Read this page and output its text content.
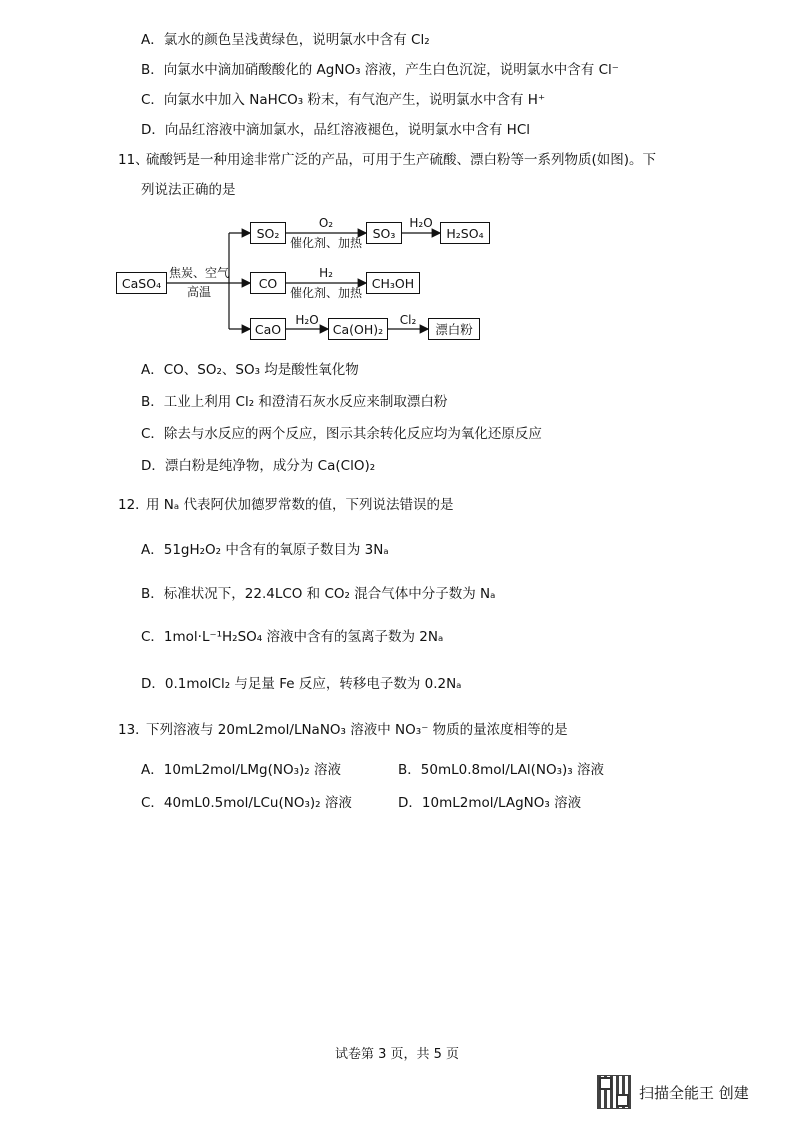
A．氯水的颜色呈浅黄绿色，说明氯水中含有 Cl₂
B．向氯水中滴加硝酸酸化的 AgNO₃ 溶液，产生白色沉淀，说明氯水中含有 Cl⁻
C．向氯水中加入 NaHCO₃ 粉末，有气泡产生，说明氯水中含有 H⁺
D．向品红溶液中滴加氯水，品红溶液褪色，说明氯水中含有 HCl
11、
硫酸钙是一种用途非常广泛的产品，可用于生产硫酸、漂白粉等一系列物质(如图)。下
列说法正确的是
CaSO₄
焦炭、空气
高温
SO₂
O₂
催化剂、加热
SO₃
H₂O
H₂SO₄
CO
H₂
催化剂、加热
CH₃OH
CaO
H₂O
Ca(OH)₂
Cl₂
漂白粉
A．CO、SO₂、SO₃ 均是酸性氧化物
B．工业上利用 Cl₂ 和澄清石灰水反应来制取漂白粉
C．除去与水反应的两个反应，图示其余转化反应均为氧化还原反应
D．漂白粉是纯净物，成分为 Ca(ClO)₂
12．
用 Nₐ 代表阿伏加德罗常数的值，下列说法错误的是
A．51gH₂O₂ 中含有的氧原子数目为 3Nₐ
B．标准状况下，22.4LCO 和 CO₂ 混合气体中分子数为 Nₐ
C．1mol·L⁻¹H₂SO₄ 溶液中含有的氢离子数为 2Nₐ
D．0.1molCl₂ 与足量 Fe 反应，转移电子数为 0.2Nₐ
13．
下列溶液与 20mL2mol/LNaNO₃ 溶液中 NO₃⁻ 物质的量浓度相等的是
A．10mL2mol/LMg(NO₃)₂ 溶液	B．50mL0.8mol/LAl(NO₃)₃ 溶液
C．40mL0.5mol/LCu(NO₃)₂ 溶液	D．10mL2mol/LAgNO₃ 溶液
试卷第 3 页，共 5 页
扫描全能王 创建
